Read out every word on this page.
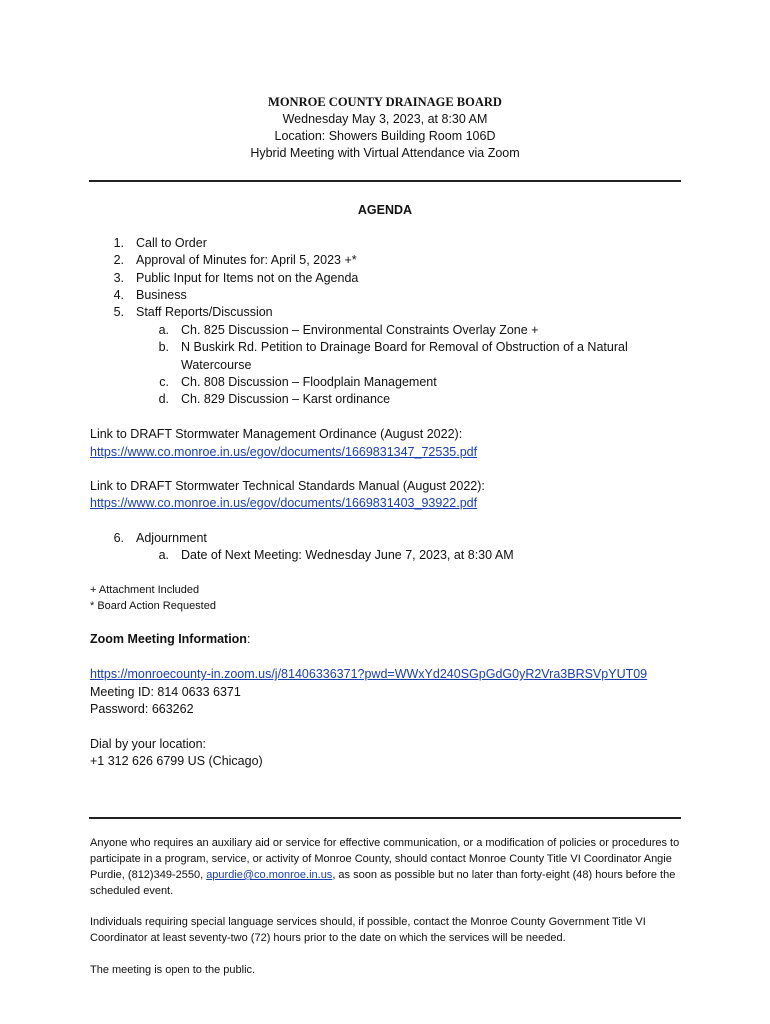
MONROE COUNTY DRAINAGE BOARD
Wednesday May 3, 2023, at 8:30 AM
Location: Showers Building Room 106D
Hybrid Meeting with Virtual Attendance via Zoom
AGENDA
1. Call to Order
2. Approval of Minutes for: April 5, 2023 +*
3. Public Input for Items not on the Agenda
4. Business
5. Staff Reports/Discussion
a. Ch. 825 Discussion – Environmental Constraints Overlay Zone +
b. N Buskirk Rd. Petition to Drainage Board for Removal of Obstruction of a Natural
Watercourse
c. Ch. 808 Discussion – Floodplain Management
d. Ch. 829 Discussion – Karst ordinance
Link to DRAFT Stormwater Management Ordinance (August 2022):
https://www.co.monroe.in.us/egov/documents/1669831347_72535.pdf
Link to DRAFT Stormwater Technical Standards Manual (August 2022):
https://www.co.monroe.in.us/egov/documents/1669831403_93922.pdf
6. Adjournment
a. Date of Next Meeting: Wednesday June 7, 2023, at 8:30 AM
+ Attachment Included
* Board Action Requested
Zoom Meeting Information:
https://monroecounty-in.zoom.us/j/81406336371?pwd=WWxYd240SGpGdG0yR2Vra3BRSVpYUT09
Meeting ID: 814 0633 6371
Password: 663262
Dial by your location:
+1 312 626 6799 US (Chicago)
Anyone who requires an auxiliary aid or service for effective communication, or a modification of policies or procedures to participate in a program, service, or activity of Monroe County, should contact Monroe County Title VI Coordinator Angie Purdie, (812)349-2550, apurdie@co.monroe.in.us, as soon as possible but no later than forty-eight (48) hours before the scheduled event.
Individuals requiring special language services should, if possible, contact the Monroe County Government Title VI Coordinator at least seventy-two (72) hours prior to the date on which the services will be needed.
The meeting is open to the public.
